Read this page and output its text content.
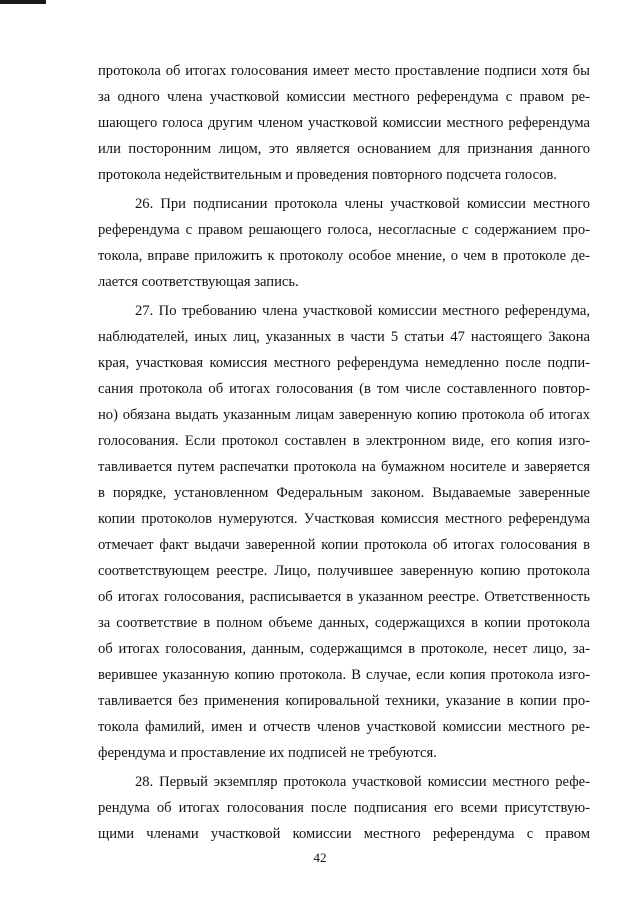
протокола об итогах голосования имеет место проставление подписи хотя бы
за одного члена участковой комиссии местного референдума с правом ре-
шающего голоса другим членом участковой комиссии местного референдума
или посторонним лицом, это является основанием для признания данного
протокола недействительным и проведения повторного подсчета голосов.
26. При подписании протокола члены участковой комиссии местного
референдума с правом решающего голоса, несогласные с содержанием про-
токола, вправе приложить к протоколу особое мнение, о чем в протоколе де-
лается соответствующая запись.
27. По требованию члена участковой комиссии местного референдума,
наблюдателей, иных лиц, указанных в части 5 статьи 47 настоящего Закона
края, участковая комиссия местного референдума немедленно после подпи-
сания протокола об итогах голосования (в том числе составленного повтор-
но) обязана выдать указанным лицам заверенную копию протокола об итогах
голосования. Если протокол составлен в электронном виде, его копия изго-
тавливается путем распечатки протокола на бумажном носителе и заверяется
в порядке, установленном Федеральным законом. Выдаваемые заверенные
копии протоколов нумеруются. Участковая комиссия местного референдума
отмечает факт выдачи заверенной копии протокола об итогах голосования в
соответствующем реестре. Лицо, получившее заверенную копию протокола
об итогах голосования, расписывается в указанном реестре. Ответственность
за соответствие в полном объеме данных, содержащихся в копии протокола
об итогах голосования, данным, содержащимся в протоколе, несет лицо, за-
верившее указанную копию протокола. В случае, если копия протокола изго-
тавливается без применения копировальной техники, указание в копии про-
токола фамилий, имен и отчеств членов участковой комиссии местного ре-
ферендума и проставление их подписей не требуются.
28. Первый экземпляр протокола участковой комиссии местного рефе-
рендума об итогах голосования после подписания его всеми присутствую-
щими членами участковой комиссии местного референдума с правом
42
